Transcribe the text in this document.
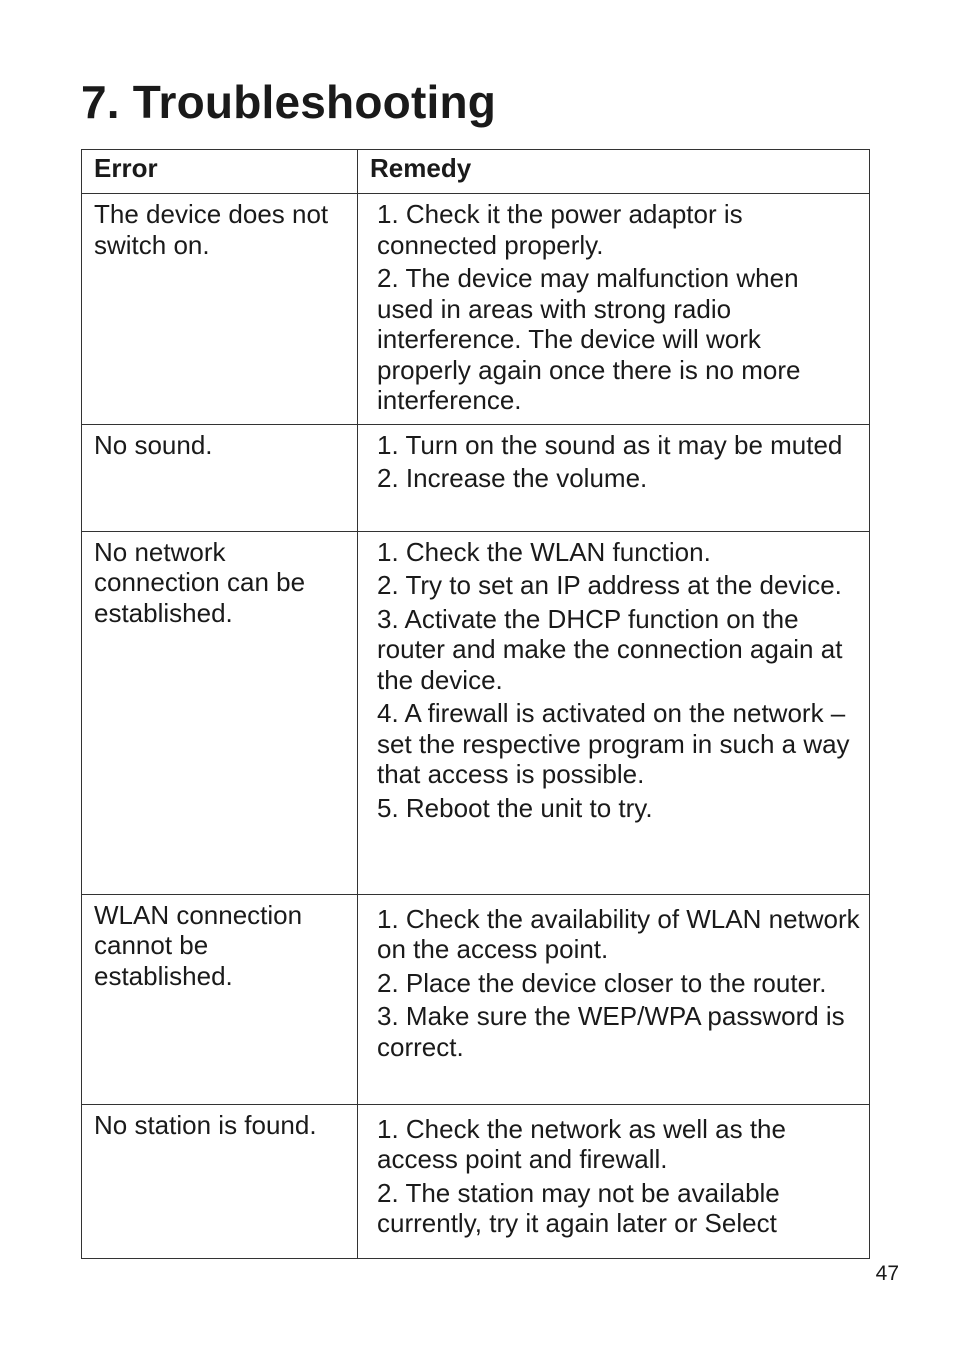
7. Troubleshooting
Error	Remedy
The device does not switch on.	1. Check it the power adaptor is connected properly.
2. The device may malfunction when used in areas with strong radio interference. The device will work properly again once there is no more interference.

No sound.	1. Turn on the sound as it may be muted
2. Increase the volume.

No network connection can be established.	1. Check the WLAN function.
2. Try to set an IP address at the device.
3. Activate the DHCP function on the router and make the connection again at the device.
4. A firewall is activated on the network – set the respective program in such a way that access is possible.
5. Reboot the unit to try.

WLAN connection cannot be established.	1. Check the availability of WLAN network on the access point.
2. Place the device closer to the router.
3. Make sure the WEP/WPA password is correct.

No station is found.	1. Check the network as well as the access point and firewall.
2. The station may not be available currently, try it again later or Select
47
